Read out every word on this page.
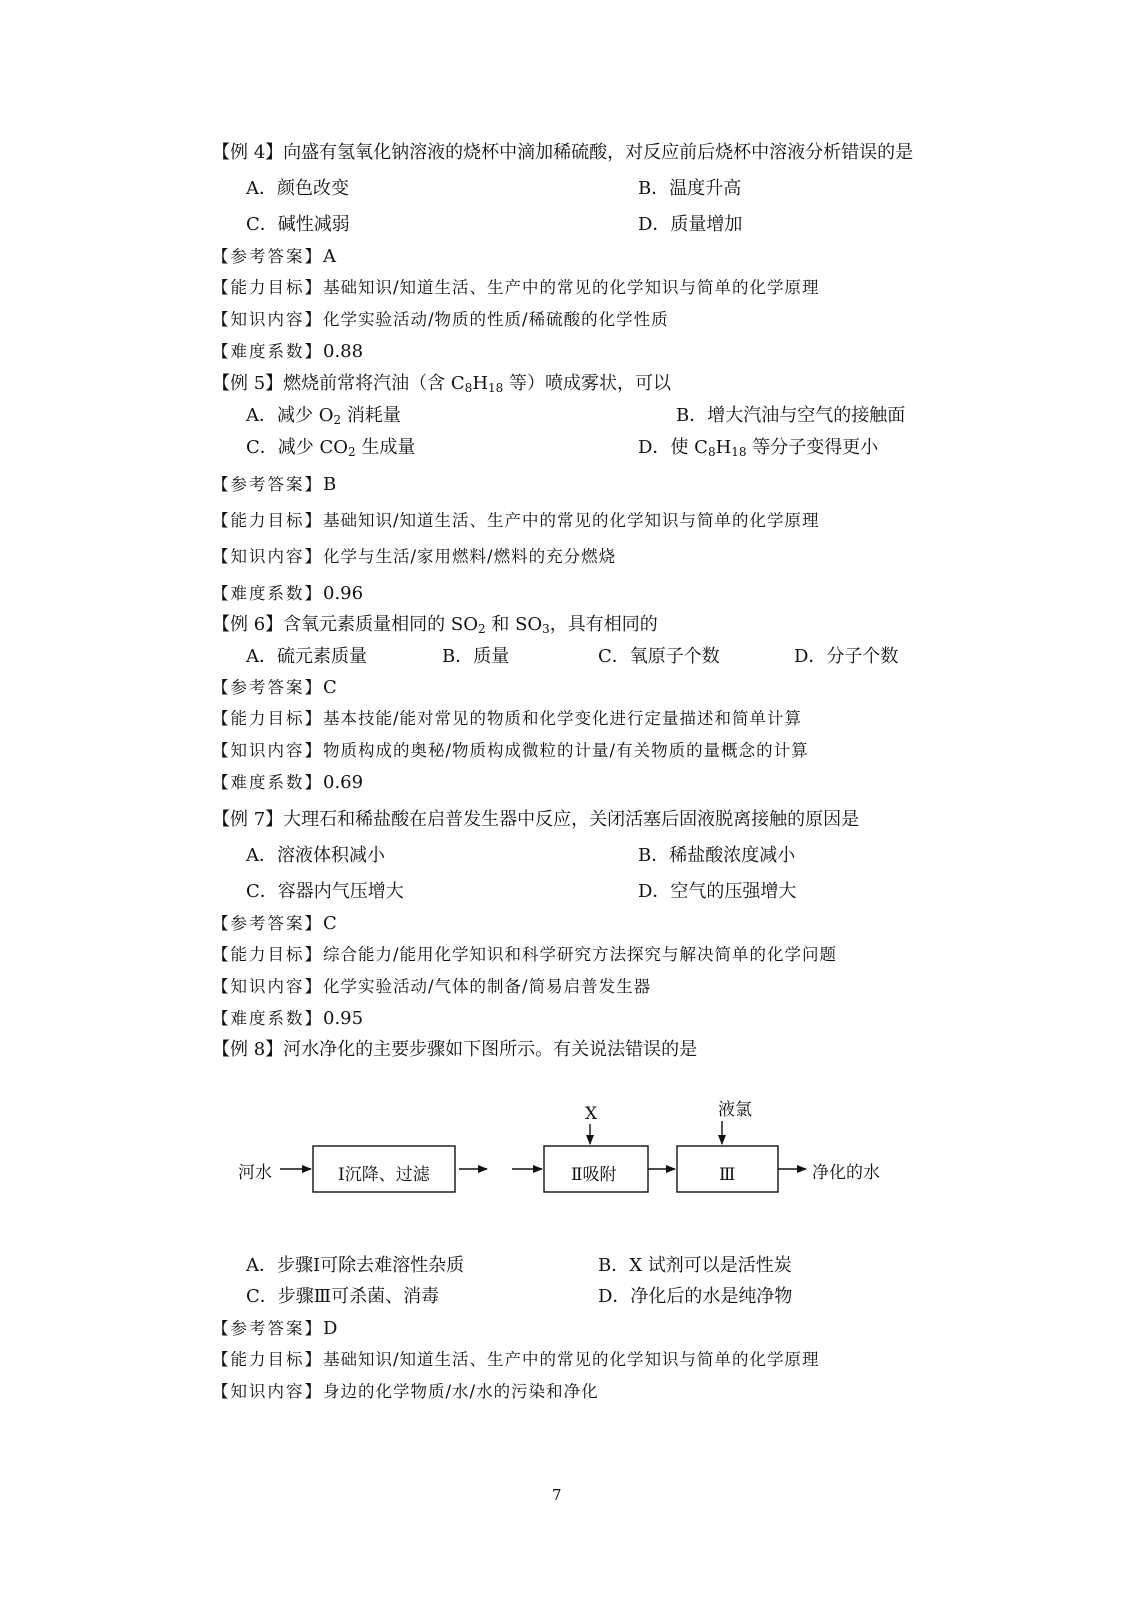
【例 4】向盛有氢氧化钠溶液的烧杯中滴加稀硫酸，对反应前后烧杯中溶液分析错误的是
A．颜色改变	B．温度升高
C．碱性减弱	D．质量增加
【参考答案】A
【能力目标】基础知识/知道生活、生产中的常见的化学知识与简单的化学原理
【知识内容】化学实验活动/物质的性质/稀硫酸的化学性质
【难度系数】0.88
【例 5】燃烧前常将汽油（含 $C_8H_{18}$ 等）喷成雾状，可以
A．减少 $O_2$ 消耗量	B．增大汽油与空气的接触面
C．减少 $CO_2$ 生成量	D．使 $C_8H_{18}$ 等分子变得更小
【参考答案】B
【能力目标】基础知识/知道生活、生产中的常见的化学知识与简单的化学原理
【知识内容】化学与生活/家用燃料/燃料的充分燃烧
【难度系数】0.96
【例 6】含氧元素质量相同的 $SO_2$ 和 $SO_3$，具有相同的
A．硫元素质量	B．质量	C．氧原子个数	D．分子个数
【参考答案】C
【能力目标】基本技能/能对常见的物质和化学变化进行定量描述和简单计算
【知识内容】物质构成的奥秘/物质构成微粒的计量/有关物质的量概念的计算
【难度系数】0.69
【例 7】大理石和稀盐酸在启普发生器中反应，关闭活塞后固液脱离接触的原因是
A．溶液体积减小	B．稀盐酸浓度减小
C．容器内气压增大	D．空气的压强增大
【参考答案】C
【能力目标】综合能力/能用化学知识和科学研究方法探究与解决简单的化学问题
【知识内容】化学实验活动/气体的制备/简易启普发生器
【难度系数】0.95
【例 8】河水净化的主要步骤如下图所示。有关说法错误的是
河水	Ⅰ沉降、过滤	Ⅱ吸附	Ⅲ
X	液氯
净化的水
A．步骤Ⅰ可除去难溶性杂质	B．X 试剂可以是活性炭
C．步骤Ⅲ可杀菌、消毒	D．净化后的水是纯净物
【参考答案】D
【能力目标】基础知识/知道生活、生产中的常见的化学知识与简单的化学原理
【知识内容】身边的化学物质/水/水的污染和净化
7
